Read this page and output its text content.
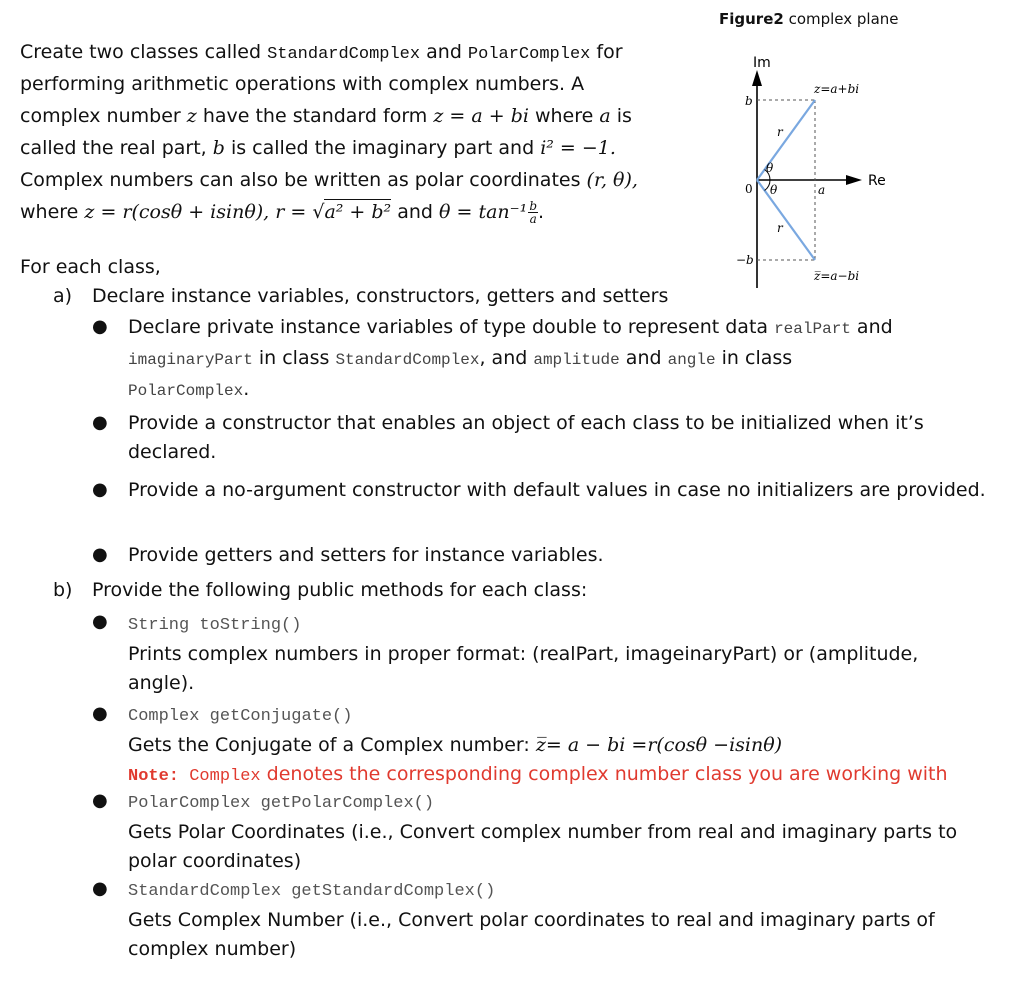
Figure2 complex plane
Im
Re
z=a+bi
z̅=a−bi
b
−b
0	a
r
r
θ
θ
Create two classes called StandardComplex and PolarComplex for
performing arithmetic operations with complex numbers. A
complex number z have the standard form z = a + bi where a is
called the real part, b is called the imaginary part and i² = −1.
Complex numbers can also be written as polar coordinates (r, θ),
where z = r(cosθ + isinθ), r = √a² + b² and $\theta = \tan^{-1} \frac{b}{a}$ .
For each class,
a) Declare instance variables, constructors, getters and setters
● Declare private instance variables of type double to represent data realPart and
imaginaryPart in class StandardComplex, and amplitude and angle in class
PolarComplex.
● Provide a constructor that enables an object of each class to be initialized when it’s declared.
● Provide a no-argument constructor with default values in case no initializers are provided.
● Provide getters and setters for instance variables.
b) Provide the following public methods for each class:
● String toString()
Prints complex numbers in proper format: (realPart, imageinaryPart) or (amplitude, angle).
● Complex getConjugate()
Gets the Conjugate of a Complex number: z̅= a − bi =r(cosθ −isinθ)
Note: Complex denotes the corresponding complex number class you are working with
● PolarComplex getPolarComplex()
Gets Polar Coordinates (i.e., Convert complex number from real and imaginary parts to polar coordinates)
● StandardComplex getStandardComplex()
Gets Complex Number (i.e., Convert polar coordinates to real and imaginary parts of complex number)
